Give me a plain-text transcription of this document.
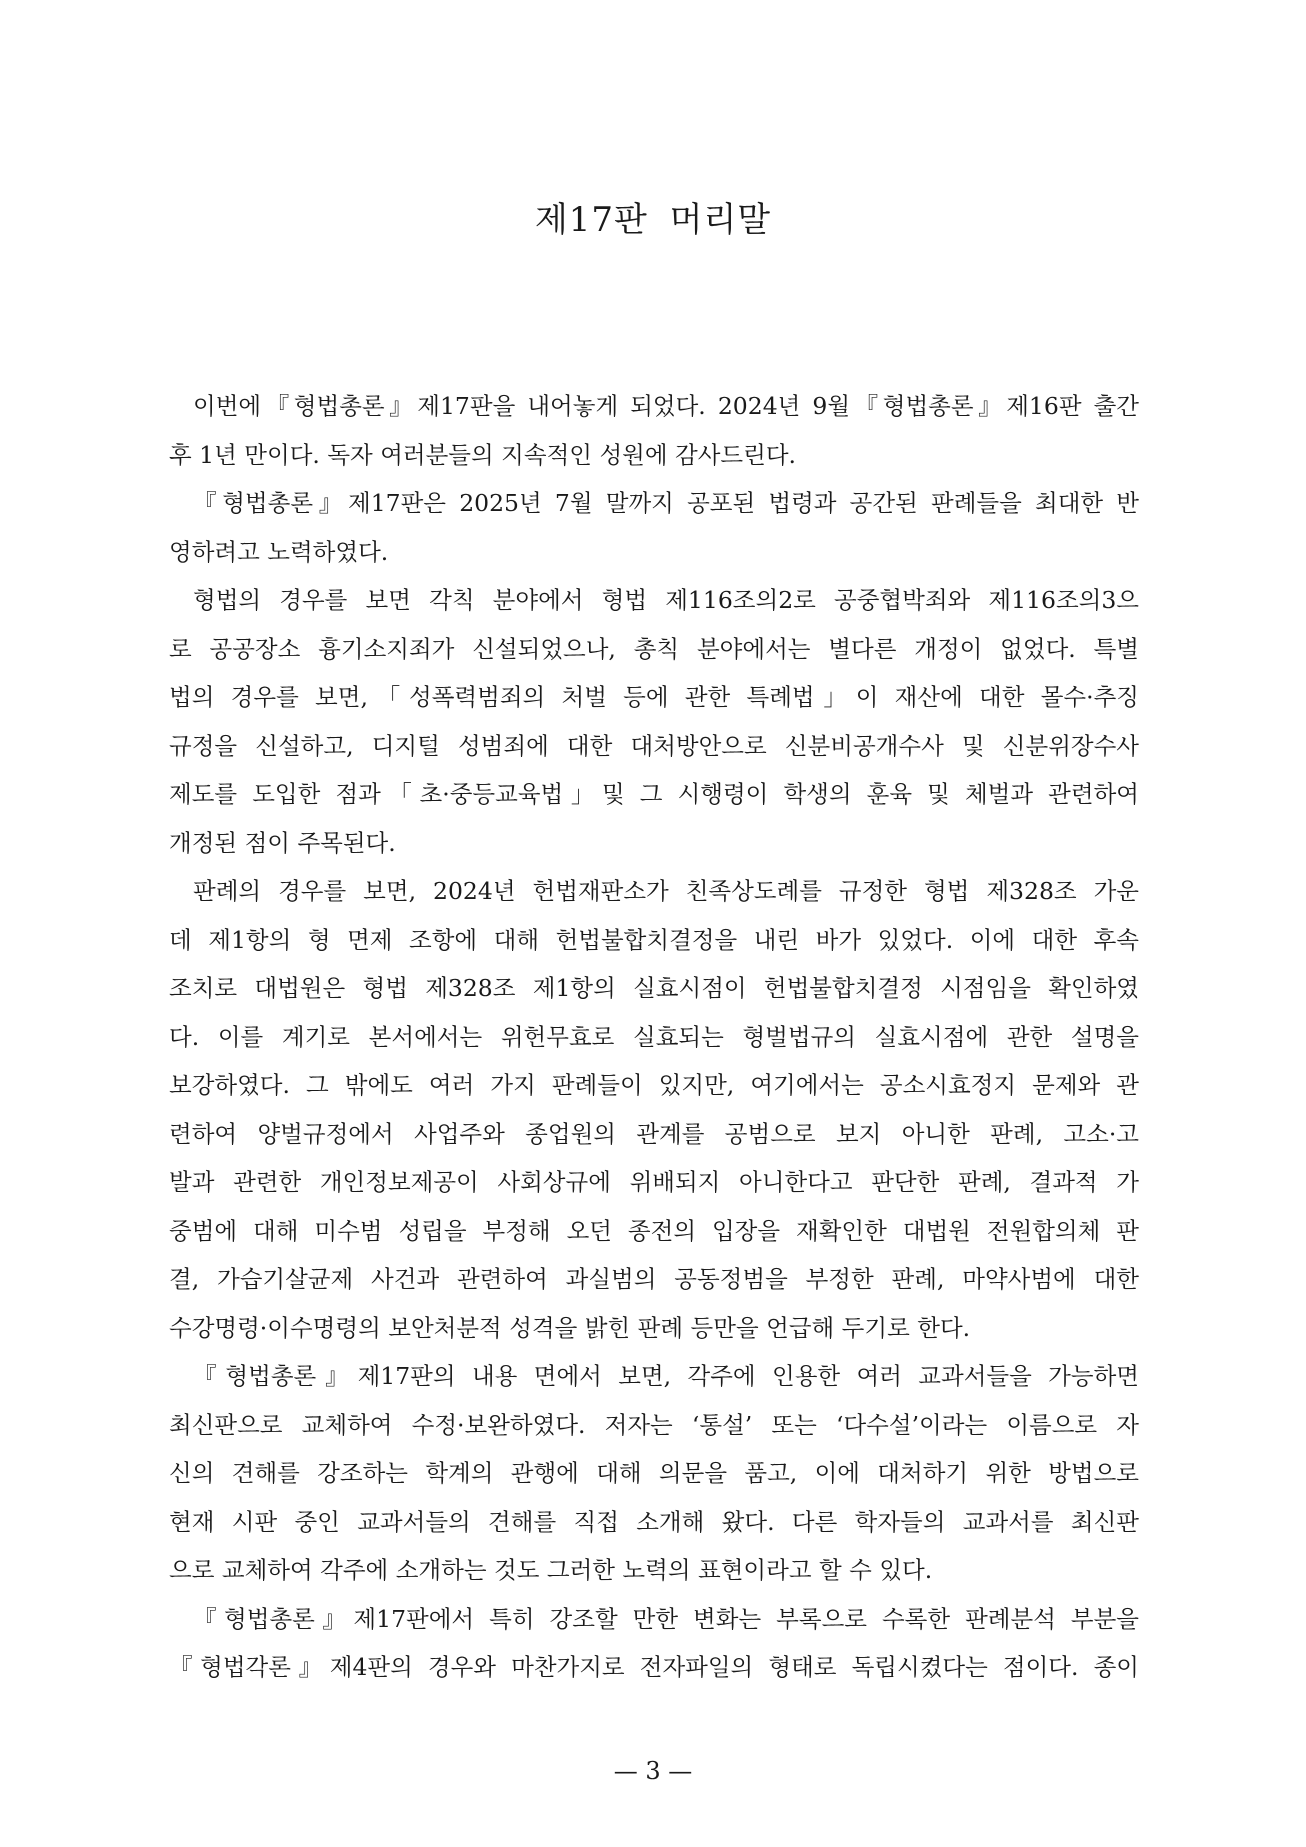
제17판 머리말
이번에『형법총론』제17판을 내어놓게 되었다. 2024년 9월『형법총론』제16판 출간
후 1년 만이다. 독자 여러분들의 지속적인 성원에 감사드린다.
『형법총론』제17판은 2025년 7월 말까지 공포된 법령과 공간된 판례들을 최대한 반
영하려고 노력하였다.
형법의 경우를 보면 각칙 분야에서 형법 제116조의2로 공중협박죄와 제116조의3으
로 공공장소 흉기소지죄가 신설되었으나, 총칙 분야에서는 별다른 개정이 없었다. 특별
법의 경우를 보면,「성폭력범죄의 처벌 등에 관한 특례법」이 재산에 대한 몰수·추징
규정을 신설하고, 디지털 성범죄에 대한 대처방안으로 신분비공개수사 및 신분위장수사
제도를 도입한 점과「초·중등교육법」및 그 시행령이 학생의 훈육 및 체벌과 관련하여
개정된 점이 주목된다.
판례의 경우를 보면, 2024년 헌법재판소가 친족상도례를 규정한 형법 제328조 가운
데 제1항의 형 면제 조항에 대해 헌법불합치결정을 내린 바가 있었다. 이에 대한 후속
조치로 대법원은 형법 제328조 제1항의 실효시점이 헌법불합치결정 시점임을 확인하였
다. 이를 계기로 본서에서는 위헌무효로 실효되는 형벌법규의 실효시점에 관한 설명을
보강하였다. 그 밖에도 여러 가지 판례들이 있지만, 여기에서는 공소시효정지 문제와 관
련하여 양벌규정에서 사업주와 종업원의 관계를 공범으로 보지 아니한 판례, 고소·고
발과 관련한 개인정보제공이 사회상규에 위배되지 아니한다고 판단한 판례, 결과적 가
중범에 대해 미수범 성립을 부정해 오던 종전의 입장을 재확인한 대법원 전원합의체 판
결, 가습기살균제 사건과 관련하여 과실범의 공동정범을 부정한 판례, 마약사범에 대한
수강명령·이수명령의 보안처분적 성격을 밝힌 판례 등만을 언급해 두기로 한다.
『형법총론』제17판의 내용 면에서 보면, 각주에 인용한 여러 교과서들을 가능하면
최신판으로 교체하여 수정·보완하였다. 저자는 ‘통설’ 또는 ‘다수설’이라는 이름으로 자
신의 견해를 강조하는 학계의 관행에 대해 의문을 품고, 이에 대처하기 위한 방법으로
현재 시판 중인 교과서들의 견해를 직접 소개해 왔다. 다른 학자들의 교과서를 최신판
으로 교체하여 각주에 소개하는 것도 그러한 노력의 표현이라고 할 수 있다.
『형법총론』제17판에서 특히 강조할 만한 변화는 부록으로 수록한 판례분석 부분을
『형법각론』제4판의 경우와 마찬가지로 전자파일의 형태로 독립시켰다는 점이다. 종이
— 3 —
